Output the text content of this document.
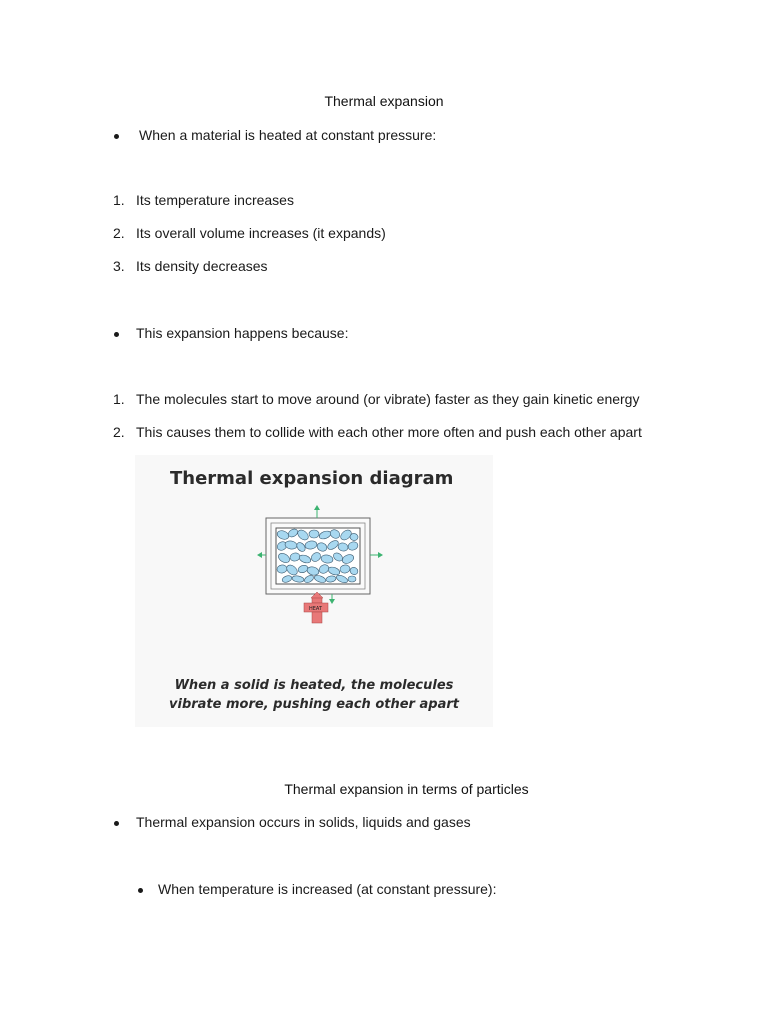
Thermal expansion
When a material is heated at constant pressure:
1. Its temperature increases
2. Its overall volume increases (it expands)
3. Its density decreases
This expansion happens because:
1. The molecules start to move around (or vibrate) faster as they gain kinetic energy
2. This causes them to collide with each other more often and push each other apart
Thermal expansion diagram
HEAT
When a solid is heated, the molecules
vibrate more, pushing each other apart
Thermal expansion in terms of particles
Thermal expansion occurs in solids, liquids and gases
When temperature is increased (at constant pressure):
